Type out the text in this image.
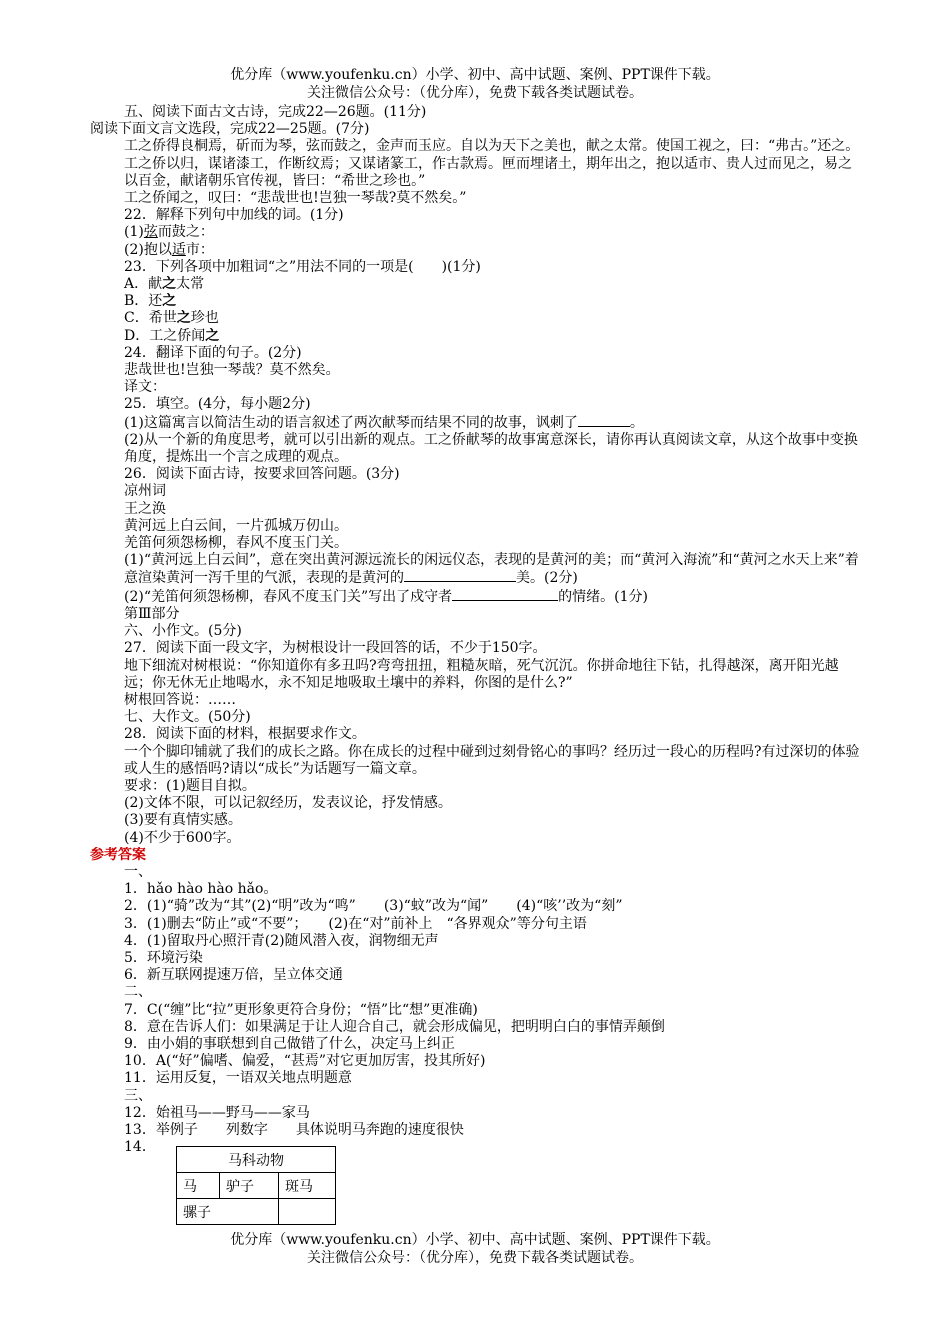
优分库（www.youfenku.cn）小学、初中、高中试题、案例、PPT课件下载。
关注微信公众号：（优分库），免费下载各类试题试卷。
五、阅读下面古文古诗，完成22—26题。(11分)
阅读下面文言文选段，完成22—25题。(7分)
工之侨得良桐焉，斫而为琴，弦而鼓之，金声而玉应。自以为天下之美也，献之太常。使国工视之，曰：“弗古。”还之。
工之侨以归，谋诸漆工，作断纹焉；又谋诸篆工，作古款焉。匣而埋诸土，期年出之，抱以适市、贵人过而见之，易之以百金，献诸朝乐官传视，皆曰：“希世之珍也。”
工之侨闻之，叹曰：“悲哉世也!岂独一琴哉?莫不然矣。”
22．解释下列句中加线的词。(1分)
(1)弦而鼓之：
(2)抱以适市：
23．下列各项中加粗词“之”用法不同的一项是(　　)(1分)
A．献之太常
B．还之
C．希世之珍也
D．工之侨闻之
24．翻译下面的句子。(2分)
悲哉世也!岂独一琴哉？莫不然矣。
译文：
25．填空。(4分，每小题2分)
(1)这篇寓言以简洁生动的语言叙述了两次献琴而结果不同的故事，讽刺了	。
(2)从一个新的角度思考，就可以引出新的观点。工之侨献琴的故事寓意深长，请你再认真阅读文章，从这个故事中变换角度，提炼出一个言之成理的观点。
26．阅读下面古诗，按要求回答问题。(3分)
凉州词
王之涣
黄河远上白云间，一片孤城万仞山。
羌笛何须怨杨柳，春风不度玉门关。
(1)“黄河远上白云间”，意在突出黄河源远流长的闲远仪态，表现的是黄河的美；而“黄河入海流”和“黄河之水天上来”着意渲染黄河一泻千里的气派，表现的是黄河的	美。(2分)
(2)“羌笛何须怨杨柳，春风不度玉门关”写出了戍守者	的情绪。(1分)
第Ⅲ部分
六、小作文。(5分)
27．阅读下面一段文字，为树根设计一段回答的话，不少于150字。
地下细流对树根说：“你知道你有多丑吗?弯弯扭扭，粗糙灰暗，死气沉沉。你拼命地往下钻，扎得越深，离开阳光越远；你无休无止地喝水，永不知足地吸取土壤中的养料，你图的是什么?”
树根回答说：……
七、大作文。(50分)
28．阅读下面的材料，根据要求作文。
一个个脚印铺就了我们的成长之路。你在成长的过程中碰到过刻骨铭心的事吗？经历过一段心的历程吗?有过深切的体验或人生的感悟吗?请以“成长”为话题写一篇文章。
要求：(1)题目自拟。
(2)文体不限，可以记叙经历，发表议论，抒发情感。
(3)要有真情实感。
(4)不少于600字。
参考答案
一、
1．hǎo hào hào hǎo。
2．(1)“骑”改为“其”(2)“明”改为“鸣”　　(3)“蚊”改为“闻”　　(4)“咳’’改为“刻”
3．(1)删去“防止”或“不要”；　　(2)在“对”前补上　“各界观众”等分句主语
4．(1)留取丹心照汗青(2)随风潜入夜，润物细无声
5．环境污染
6．新互联网提速万倍，呈立体交通
二、
7．C(“缠”比“拉”更形象更符合身份；“悟”比“想”更准确)
8．意在告诉人们：如果满足于让人迎合自己，就会形成偏见，把明明白白的事情弄颠倒
9．由小娟的事联想到自己做错了什么，决定马上纠正
10．A(“好”偏嗜、偏爱，“甚焉”对它更加厉害，投其所好)
11．运用反复，一语双关地点明题意
三、
12．始祖马——野马——家马
13．举例子　　列数字　　具体说明马奔跑的速度很快
14．
马科动物		
马	驴子	斑马
骡子		
优分库（www.youfenku.cn）小学、初中、高中试题、案例、PPT课件下载。
关注微信公众号：（优分库），免费下载各类试题试卷。
